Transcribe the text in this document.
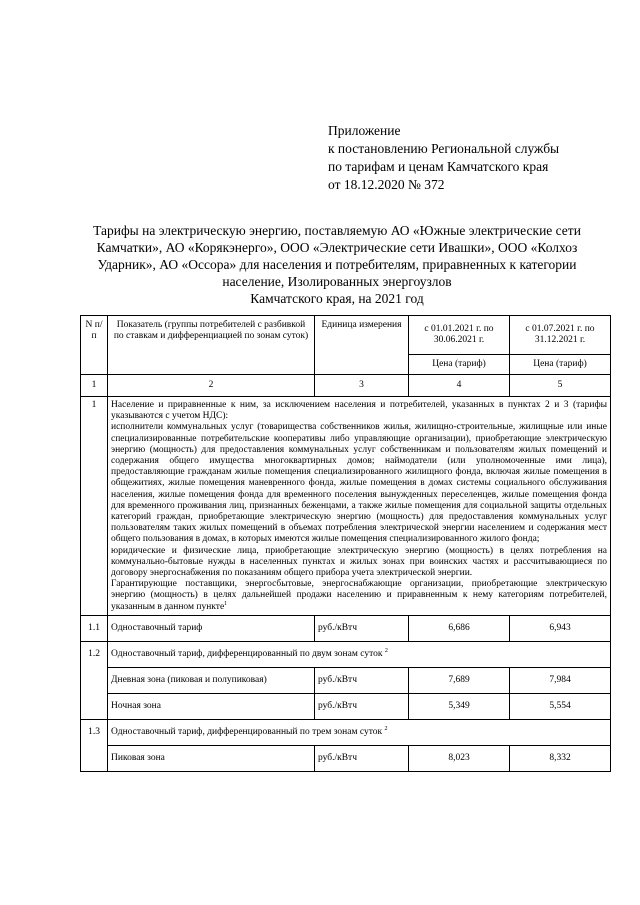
Приложение
к постановлению Региональной службы
по тарифам и ценам Камчатского края
от 18.12.2020 № 372
Тарифы на электрическую энергию, поставляемую АО «Южные электрические сети
Камчатки», АО «Корякэнерго», ООО «Электрические сети Ивашки», ООО «Колхоз
Ударник», АО «Оссора» для населения и потребителям, приравненных к категории
население, Изолированных энергоузлов
Камчатского края, на 2021 год
N п/п	Показатель (группы потребителей с разбивкой по ставкам и дифференциацией по зонам суток)	Единица измерения	с 01.01.2021 г. по 30.06.2021 г.	с 01.07.2021 г. по 31.12.2021 г.
			Цена (тариф)	Цена (тариф)
1	2	3	4	5
1	Население и приравненные к ним, за исключением населения и потребителей, указанных в пунктах 2 и 3 (тарифы указываются с учетом НДС):

исполнители коммунальных услуг (товарищества собственников жилья, жилищно-строительные, жилищные или иные специализированные потребительские кооперативы либо управляющие организации), приобретающие электрическую энергию (мощность) для предоставления коммунальных услуг собственникам и пользователям жилых помещений и содержания общего имущества многоквартирных домов; наймодатели (или уполномоченные ими лица), предоставляющие гражданам жилые помещения специализированного жилищного фонда, включая жилые помещения в общежитиях, жилые помещения маневренного фонда, жилые помещения в домах системы социального обслуживания населения, жилые помещения фонда для временного поселения вынужденных переселенцев, жилые помещения фонда для временного проживания лиц, признанных беженцами, а также жилые помещения для социальной защиты отдельных категорий граждан, приобретающие электрическую энергию (мощность) для предоставления коммунальных услуг пользователям таких жилых помещений в объемах потребления электрической энергии населением и содержания мест общего пользования в домах, в которых имеются жилые помещения специализированного жилого фонда;

юридические и физические лица, приобретающие электрическую энергию (мощность) в целях потребления на коммунально-бытовые нужды в населенных пунктах и жилых зонах при воинских частях и рассчитывающиеся по договору энергоснабжения по показаниям общего прибора учета электрической энергии.

Гарантирующие поставщики, энергосбытовые, энергоснабжающие организации, приобретающие электрическую энергию (мощность) в целях дальнейшей продажи населению и приравненным к нему категориям потребителей, указанным в данном пункте$^1$

1.1	Одноставочный тариф	руб./кВтч	6,686	6,943
1.2	Одноставочный тариф, дифференцированный по двум зонам суток $^2$
	Дневная зона (пиковая и полупиковая)	руб./кВтч	7,689	7,984
	Ночная зона	руб./кВтч	5,349	5,554
1.3	Одноставочный тариф, дифференцированный по трем зонам суток $^2$
	Пиковая зона	руб./кВтч	8,023	8,332
